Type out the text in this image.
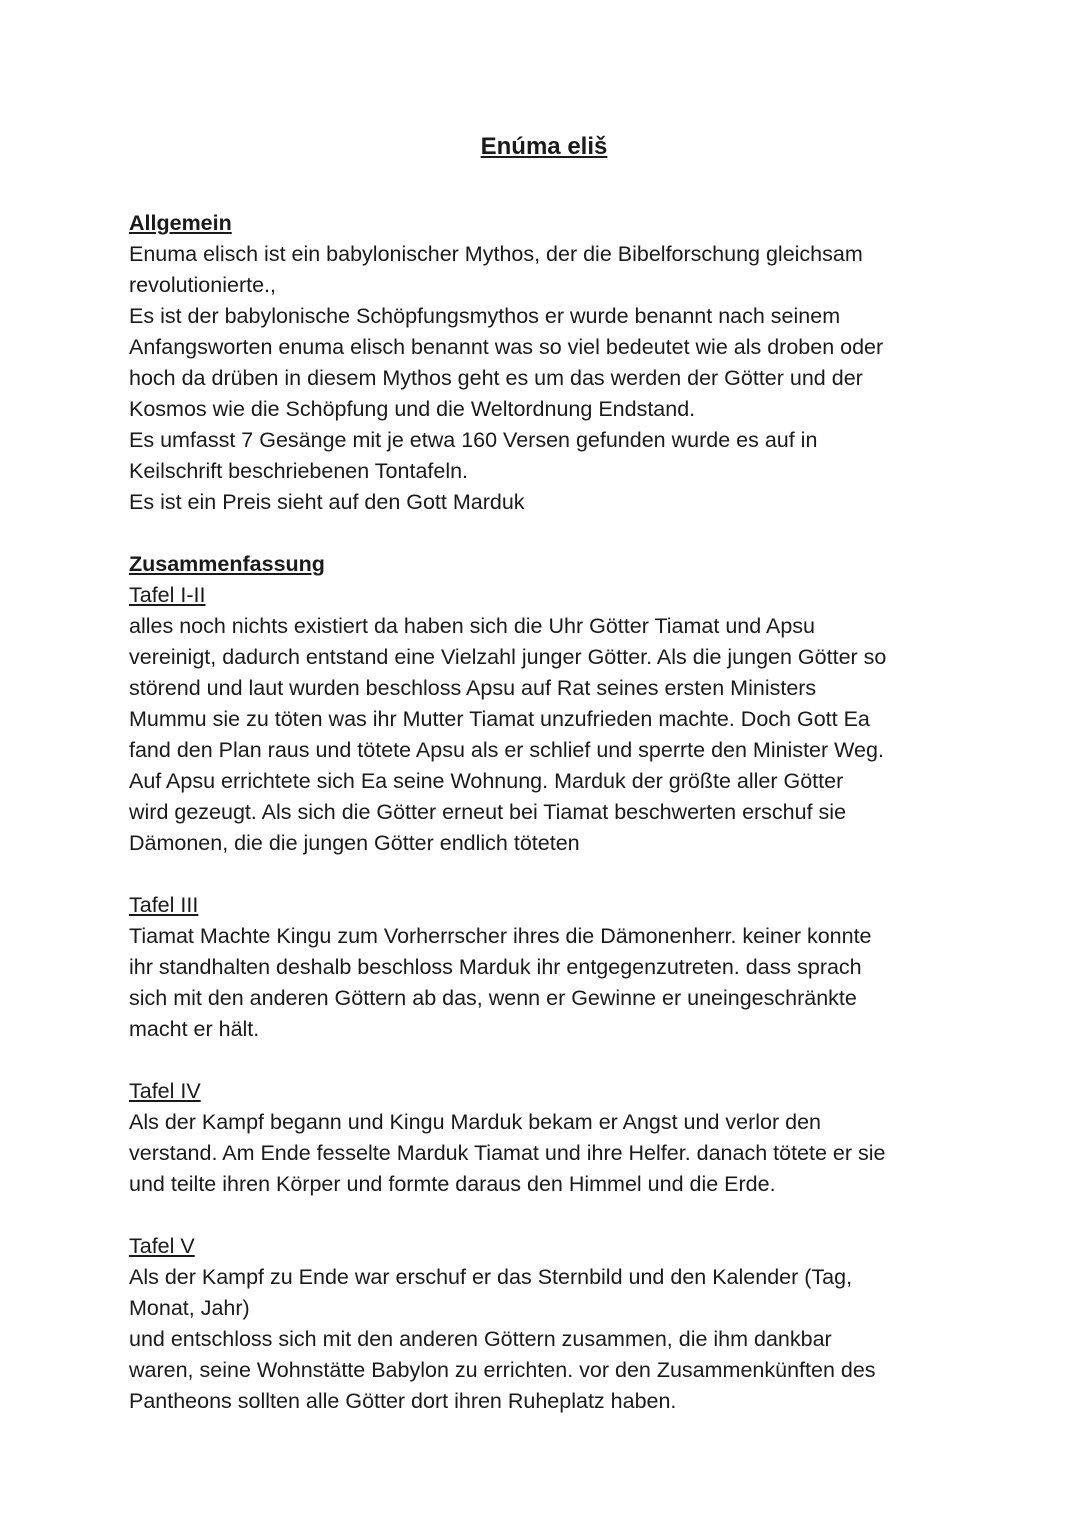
Enúma eliš
Allgemein
Enuma elisch ist ein babylonischer Mythos, der die Bibelforschung gleichsam
revolutionierte.,
Es ist der babylonische Schöpfungsmythos er wurde benannt nach seinem
Anfangsworten enuma elisch benannt was so viel bedeutet wie als droben oder
hoch da drüben in diesem Mythos geht es um das werden der Götter und der
Kosmos wie die Schöpfung und die Weltordnung Endstand.
Es umfasst 7 Gesänge mit je etwa 160 Versen gefunden wurde es auf in
Keilschrift beschriebenen Tontafeln.
Es ist ein Preis sieht auf den Gott Marduk
Zusammenfassung
Tafel I-II
alles noch nichts existiert da haben sich die Uhr Götter Tiamat und Apsu
vereinigt, dadurch entstand eine Vielzahl junger Götter. Als die jungen Götter so
störend und laut wurden beschloss Apsu auf Rat seines ersten Ministers
Mummu sie zu töten was ihr Mutter Tiamat unzufrieden machte. Doch Gott Ea
fand den Plan raus und tötete Apsu als er schlief und sperrte den Minister Weg.
Auf Apsu errichtete sich Ea seine Wohnung. Marduk der größte aller Götter
wird gezeugt. Als sich die Götter erneut bei Tiamat beschwerten erschuf sie
Dämonen, die die jungen Götter endlich töteten
Tafel III
Tiamat Machte Kingu zum Vorherrscher ihres die Dämonenherr. keiner konnte
ihr standhalten deshalb beschloss Marduk ihr entgegenzutreten. dass sprach
sich mit den anderen Göttern ab das, wenn er Gewinne er uneingeschränkte
macht er hält.
Tafel IV
Als der Kampf begann und Kingu Marduk bekam er Angst und verlor den
verstand. Am Ende fesselte Marduk Tiamat und ihre Helfer. danach tötete er sie
und teilte ihren Körper und formte daraus den Himmel und die Erde.
Tafel V
Als der Kampf zu Ende war erschuf er das Sternbild und den Kalender (Tag,
Monat, Jahr)
und entschloss sich mit den anderen Göttern zusammen, die ihm dankbar
waren, seine Wohnstätte Babylon zu errichten. vor den Zusammenkünften des
Pantheons sollten alle Götter dort ihren Ruheplatz haben.
